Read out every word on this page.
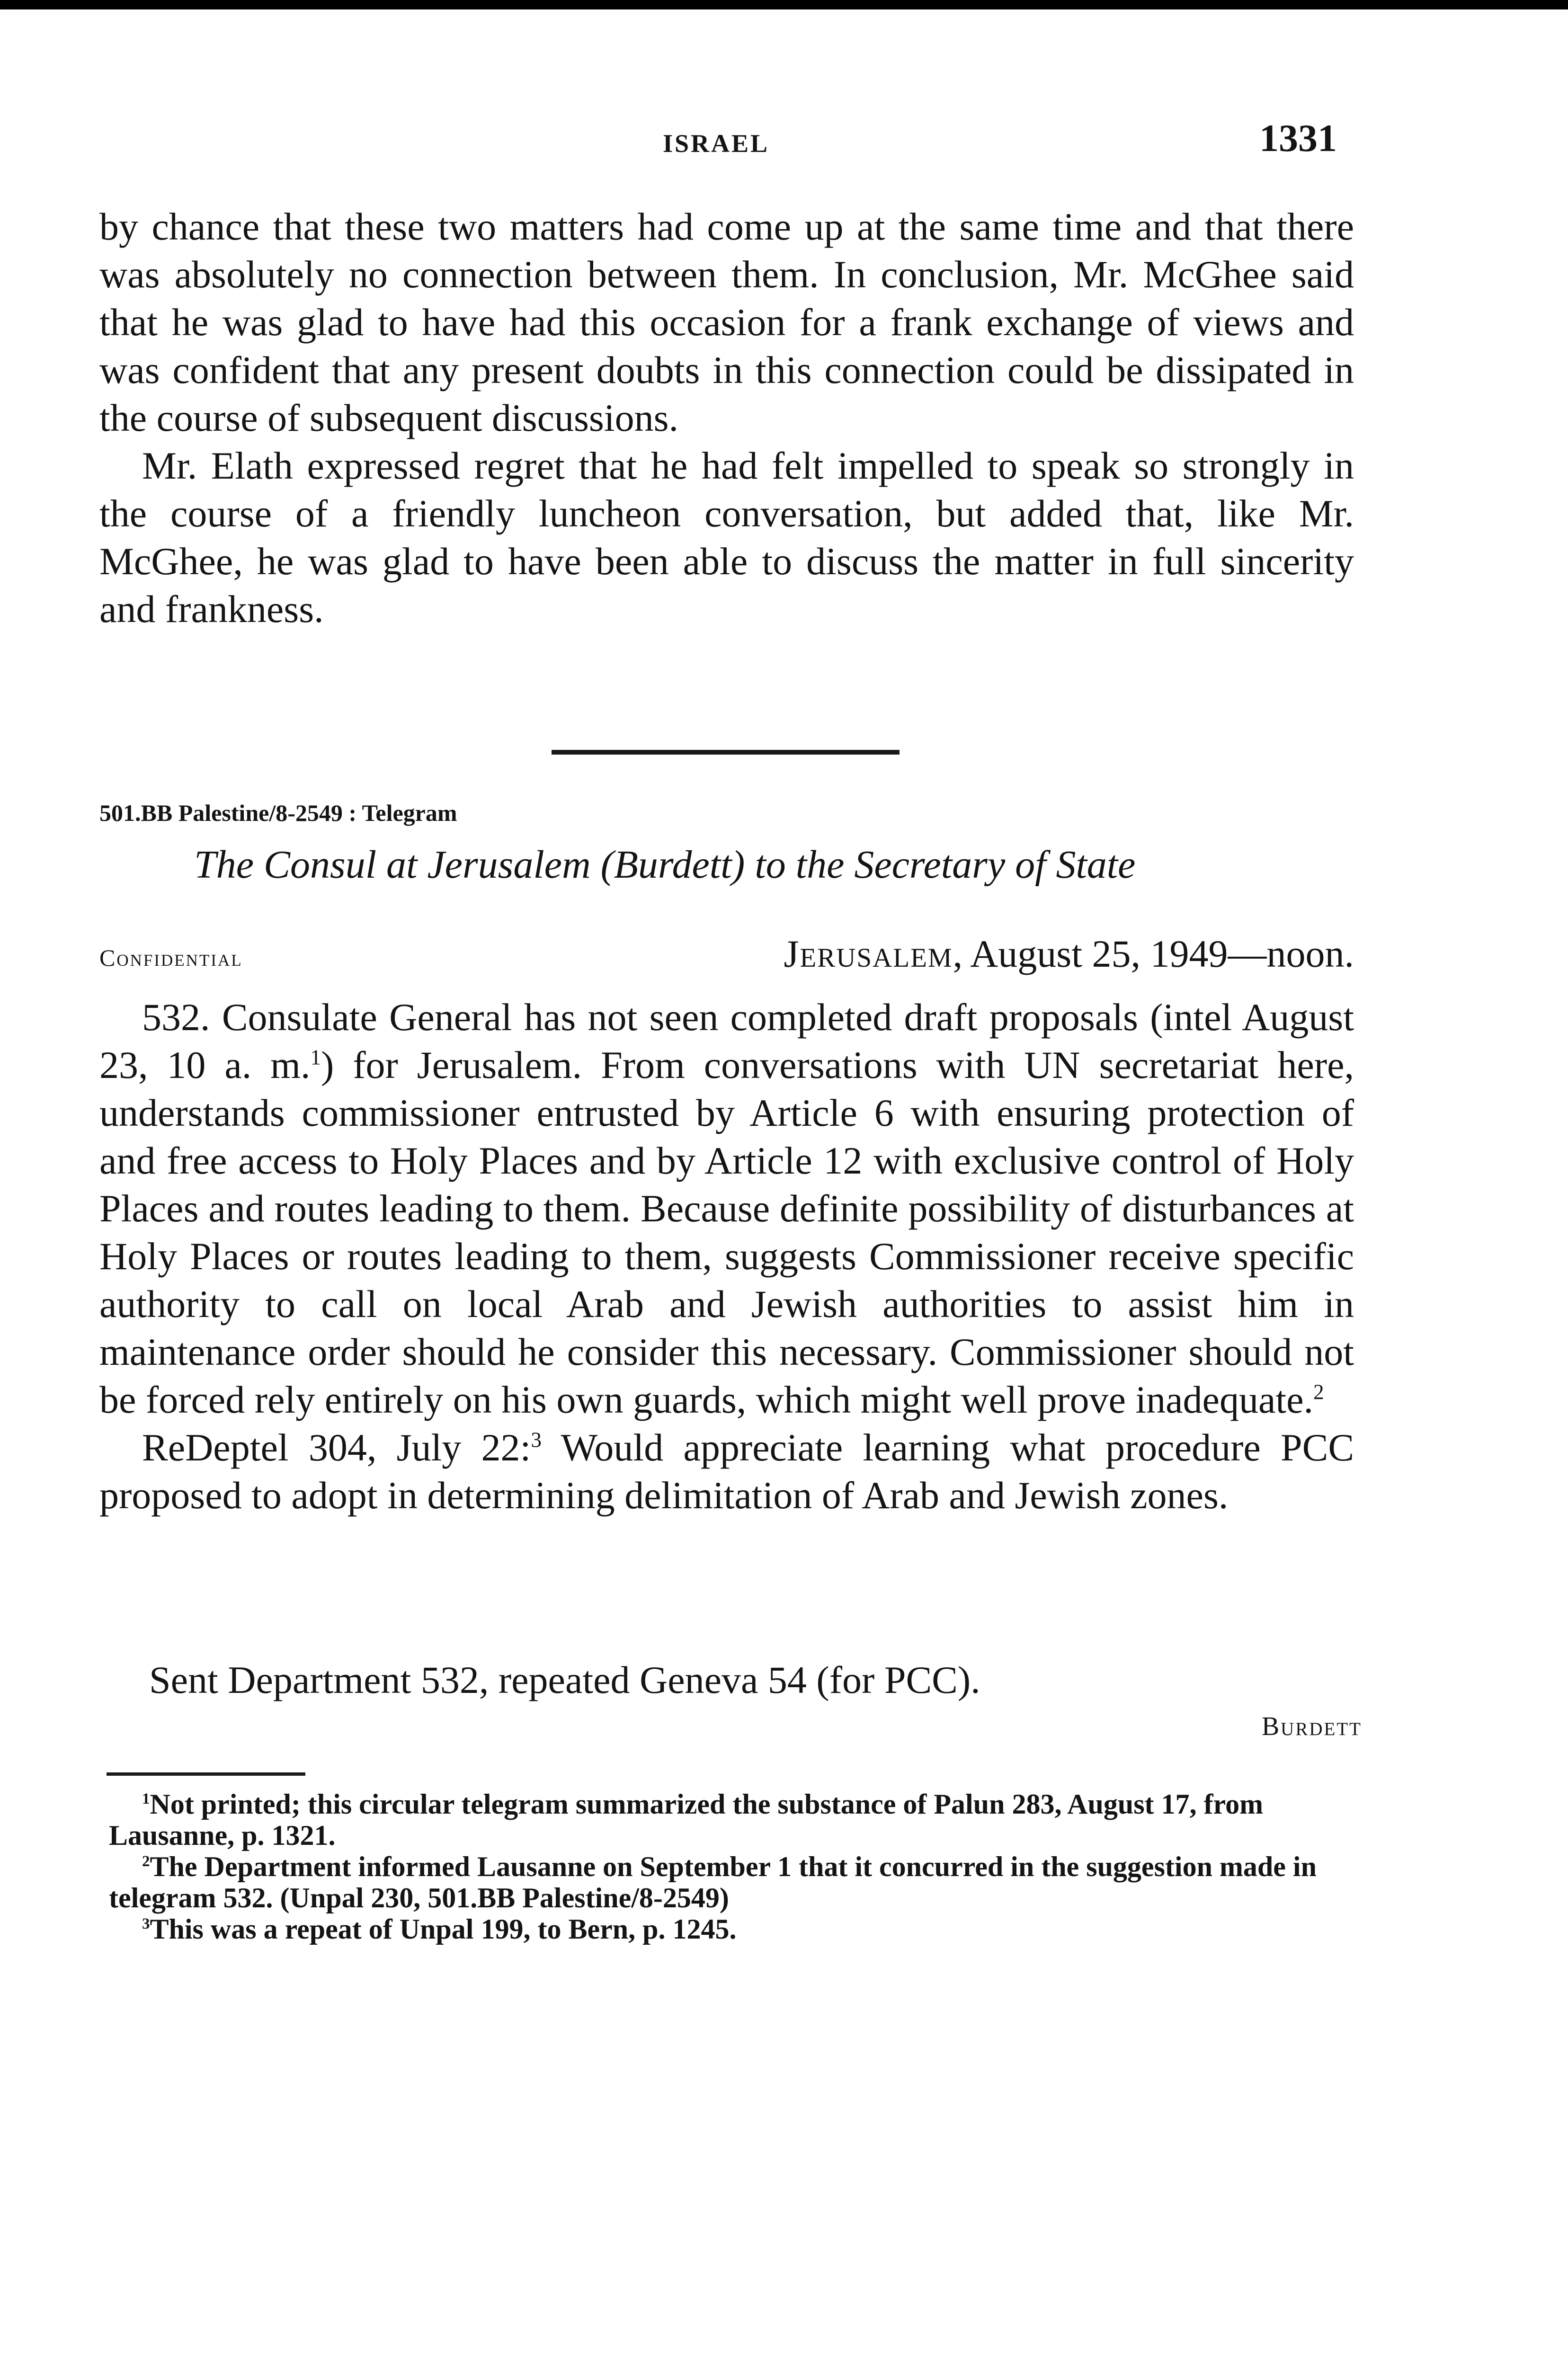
ISRAEL	1331

by chance that these two matters had come up at the same time and that there was absolutely no connection between them. In conclusion, Mr. McGhee said that he was glad to have had this occasion for a frank exchange of views and was confident that any present doubts in this connection could be dissipated in the course of subsequent discussions.

Mr. Elath expressed regret that he had felt impelled to speak so strongly in the course of a friendly luncheon conversation, but added that, like Mr. McGhee, he was glad to have been able to discuss the matter in full sincerity and frankness.

501.BB Palestine/8-2549 : Telegram
The Consul at Jerusalem (Burdett) to the Secretary of State
Confidential	Jerusalem, August 25, 1949—noon.

532. Consulate General has not seen completed draft proposals (intel August 23, 10 a. m.$^1$) for Jerusalem. From conversations with UN secretariat here, understands commissioner entrusted by Article 6 with ensuring protection of and free access to Holy Places and by Article 12 with exclusive control of Holy Places and routes leading to them. Because definite possibility of disturbances at Holy Places or routes leading to them, suggests Commissioner receive specific authority to call on local Arab and Jewish authorities to assist him in maintenance order should he consider this necessary. Commissioner should not be forced rely entirely on his own guards, which might well prove inadequate.$^2$

ReDeptel 304, July 22:$^3$ Would appreciate learning what procedure PCC proposed to adopt in determining delimitation of Arab and Jewish zones.

Sent Department 532, repeated Geneva 54 (for PCC).
Burdett

$^1$Not printed; this circular telegram summarized the substance of Palun 283, August 17, from Lausanne, p. 1321.

$^2$The Department informed Lausanne on September 1 that it concurred in the suggestion made in telegram 532. (Unpal 230, 501.BB Palestine/8-2549)

$^3$This was a repeat of Unpal 199, to Bern, p. 1245.
